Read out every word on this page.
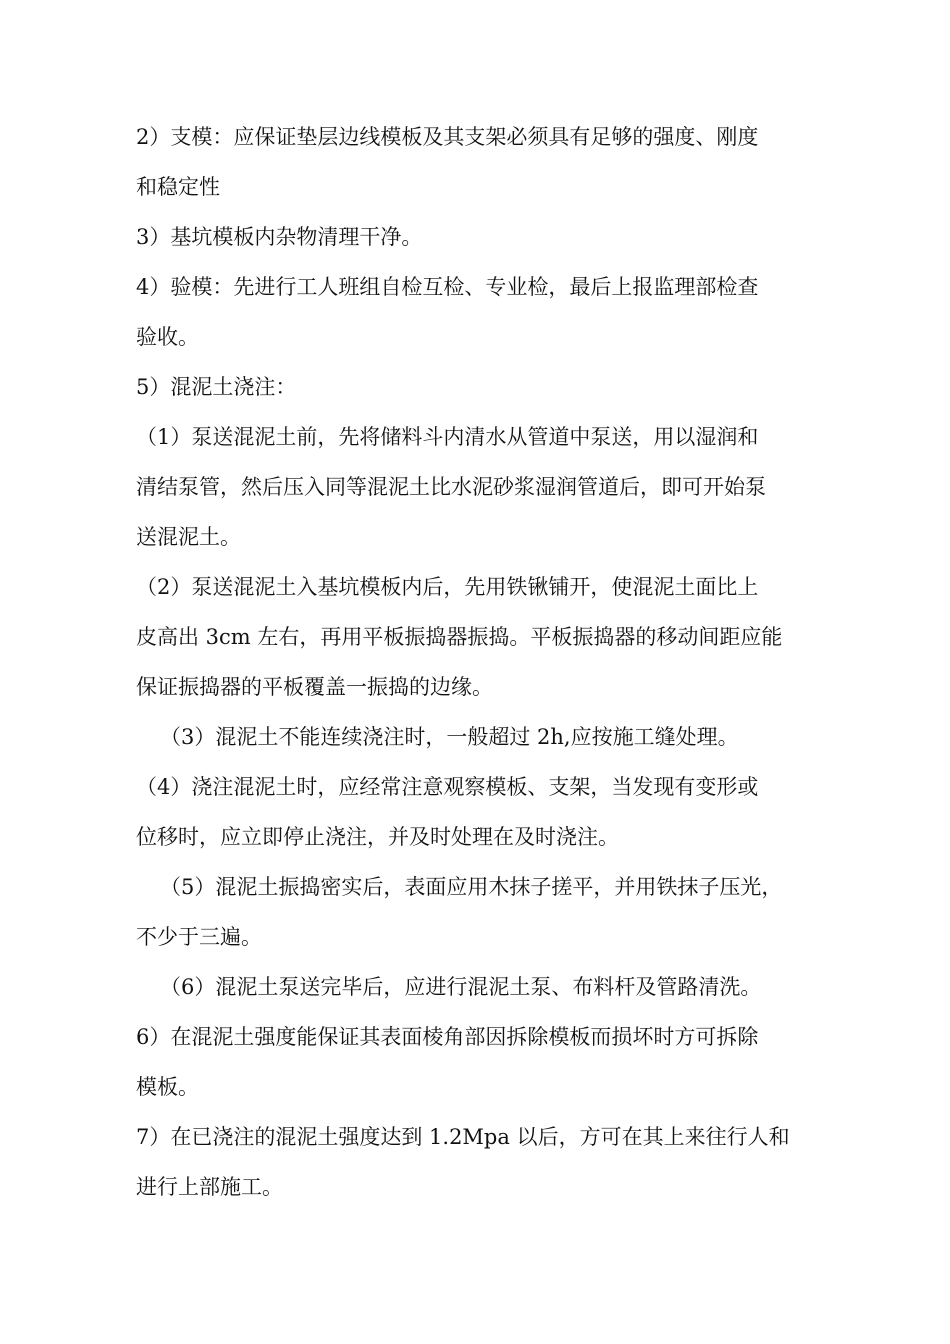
2）支模：应保证垫层边线模板及其支架必须具有足够的强度、刚度
和稳定性

3）基坑模板内杂物清理干净。

4）验模：先进行工人班组自检互检、专业检，最后上报监理部检查
验收。

5）混泥土浇注：

（1）泵送混泥土前，先将储料斗内清水从管道中泵送，用以湿润和
清结泵管，然后压入同等混泥土比水泥砂浆湿润管道后，即可开始泵
送混泥土。

（2）泵送混泥土入基坑模板内后，先用铁锹铺开，使混泥土面比上
皮高出 3cm 左右，再用平板振捣器振捣。平板振捣器的移动间距应能
保证振捣器的平板覆盖一振捣的边缘。

（3）混泥土不能连续浇注时，一般超过 2h,应按施工缝处理。

（4）浇注混泥土时，应经常注意观察模板、支架，当发现有变形或
位移时，应立即停止浇注，并及时处理在及时浇注。

（5）混泥土振捣密实后，表面应用木抹子搓平，并用铁抹子压光，
不少于三遍。

（6）混泥土泵送完毕后，应进行混泥土泵、布料杆及管路清洗。

6）在混泥土强度能保证其表面棱角部因拆除模板而损坏时方可拆除
模板。

7）在已浇注的混泥土强度达到 1.2Mpa 以后，方可在其上来往行人和
进行上部施工。
